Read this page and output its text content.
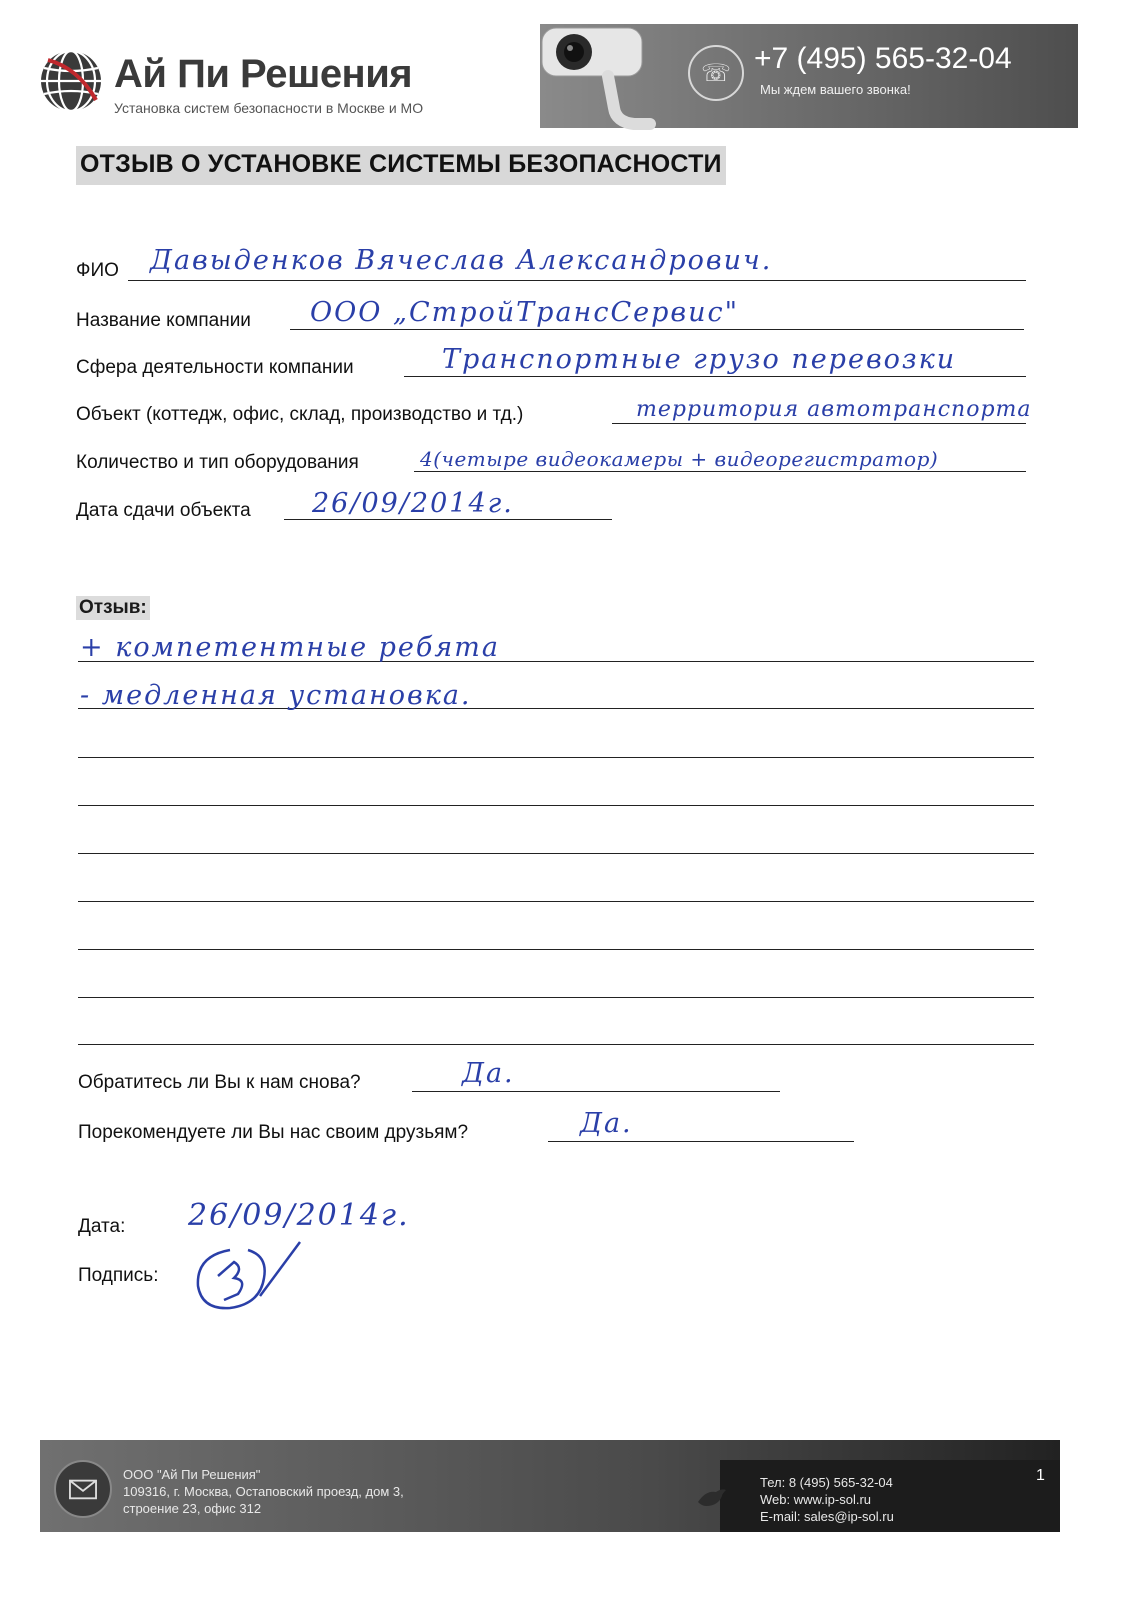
Ай Пи Решения
Установка систем безопасности в Москве и МО
☏ +7 (495) 565-32-04
Мы ждем вашего звонка!
ОТЗЫВ О УСТАНОВКЕ СИСТЕМЫ БЕЗОПАСНОСТИ
ФИО Давыденков Вячеслав Александрович.
Название компании ООО „СтройТрансСервис"
Сфера деятельности компании	Транспортные грузо перевозки
Объект (коттедж, офис, склад, производство и тд.)	территория автотранспорта
Количество и тип оборудования	4(четыре видеокамеры + видеорегистратор)
Дата сдачи объекта 26/09/2014г.
Отзыв:
+ компетентные ребята
- медленная установка.
Обратитесь ли Вы к нам снова?	Да.
Порекомендуете ли Вы нас своим друзьям?	Да.
Дата: 26/09/2014г.
Подпись:
ООО "Ай Пи Решения"
109316, г. Москва, Остаповский проезд, дом 3,
строение 23, офис 312
Тел: 8 (495) 565-32-04
Web: www.ip-sol.ru
E-mail: sales@ip-sol.ru
1
